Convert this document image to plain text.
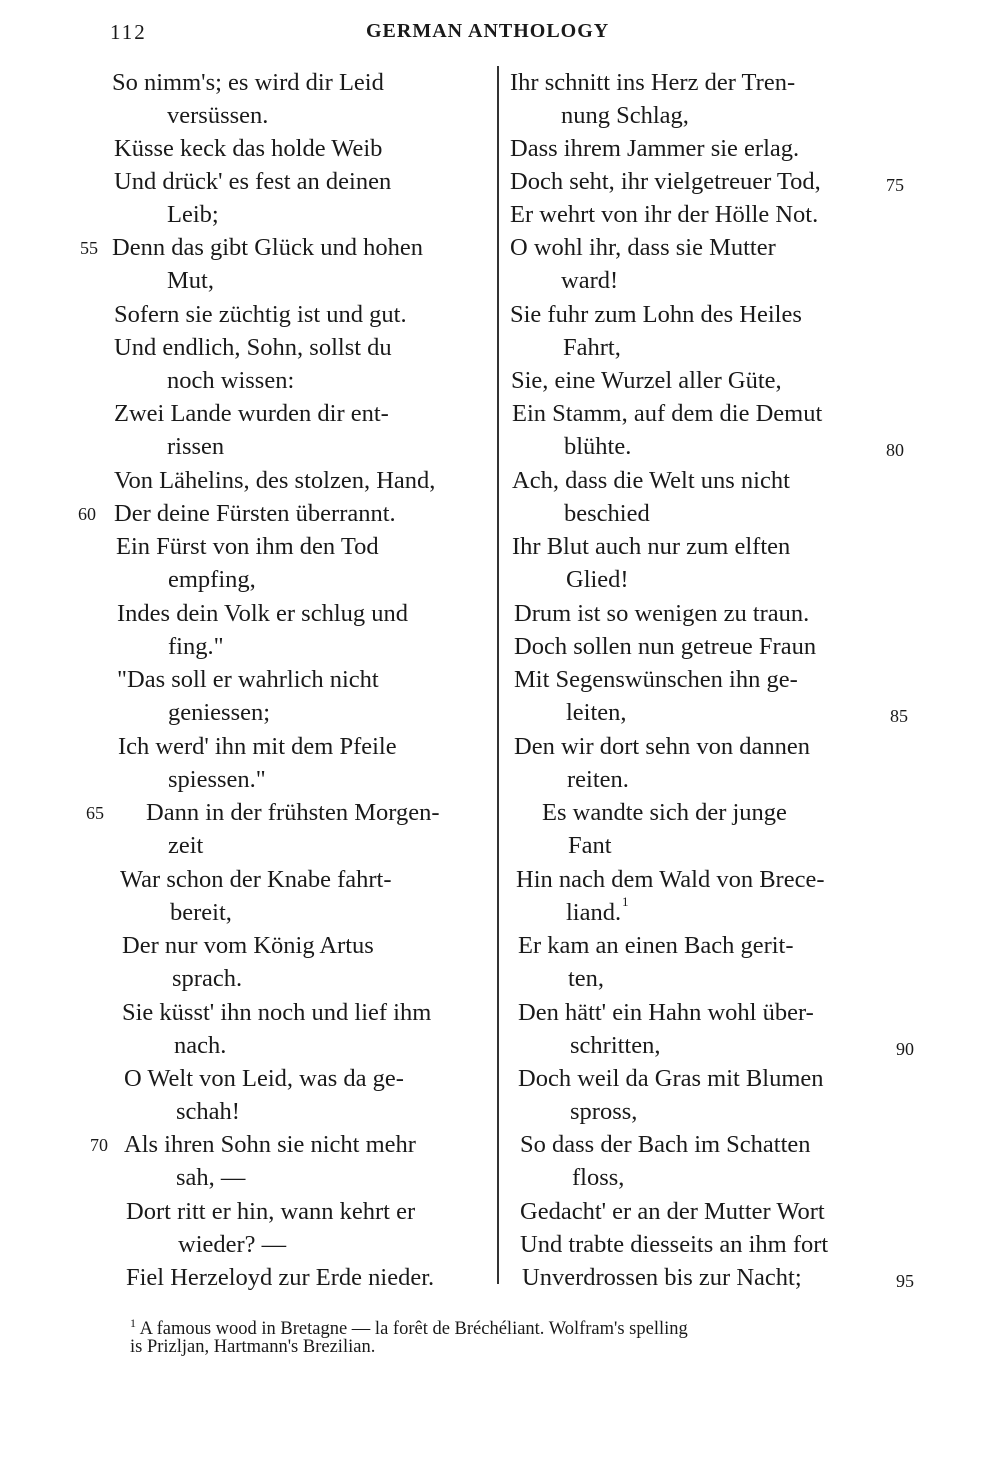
112	GERMAN ANTHOLOGY
So nimm's; es wird dir Leid
versüssen.
Küsse keck das holde Weib
Und drück' es fest an deinen
Leib;
55 Denn das gibt Glück und hohen
Mut,
Sofern sie züchtig ist und gut.
Und endlich, Sohn, sollst du
noch wissen:
Zwei Lande wurden dir ent-
rissen
Von Lähelins, des stolzen, Hand,
60 Der deine Fürsten überrannt.
Ein Fürst von ihm den Tod
empfing,
Indes dein Volk er schlug und
fing."
"Das soll er wahrlich nicht
geniessen;
Ich werd' ihn mit dem Pfeile
spiessen."
65 Dann in der frühsten Morgen-
zeit
War schon der Knabe fahrt-
bereit,
Der nur vom König Artus
sprach.
Sie küsst' ihn noch und lief ihm
nach.
O Welt von Leid, was da ge-
schah!
70 Als ihren Sohn sie nicht mehr
sah, —
Dort ritt er hin, wann kehrt er
wieder? —
Fiel Herzeloyd zur Erde nieder.
Ihr schnitt ins Herz der Tren-
nung Schlag,
Dass ihrem Jammer sie erlag.
Doch seht, ihr vielgetreuer Tod,	75
Er wehrt von ihr der Hölle Not.
O wohl ihr, dass sie Mutter
ward!
Sie fuhr zum Lohn des Heiles
Fahrt,
Sie, eine Wurzel aller Güte,
Ein Stamm, auf dem die Demut
blühte.	80
Ach, dass die Welt uns nicht
beschied
Ihr Blut auch nur zum elften
Glied!
Drum ist so wenigen zu traun.
Doch sollen nun getreue Fraun
Mit Segenswünschen ihn ge-
leiten,	85
Den wir dort sehn von dannen
reiten.
Es wandte sich der junge
Fant
Hin nach dem Wald von Brece-
liand.
Er kam an einen Bach gerit-
ten,
Den hätt' ein Hahn wohl über-
schritten,	90
Doch weil da Gras mit Blumen
spross,
So dass der Bach im Schatten
floss,
Gedacht' er an der Mutter Wort
Und trabte diesseits an ihm fort
Unverdrossen bis zur Nacht;	95
1
$^1$ A famous wood in Bretagne — la forêt de Bréchéliant. Wolfram's spelling
is Prizljan, Hartmann's Brezilian.
